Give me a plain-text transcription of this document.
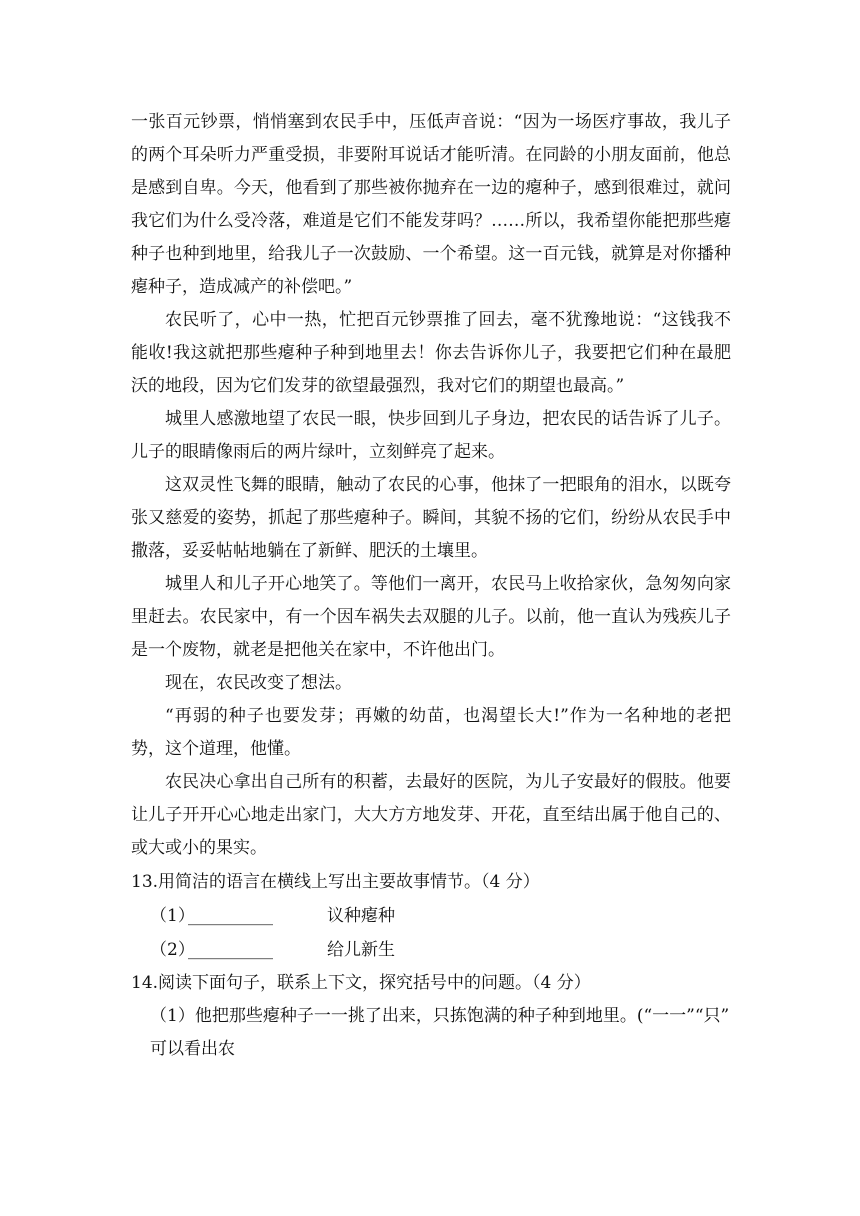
一张百元钞票，悄悄塞到农民手中，压低声音说：“因为一场医疗事故，我儿子的两个耳朵听力严重受损，非要附耳说话才能听清。在同龄的小朋友面前，他总是感到自卑。今天，他看到了那些被你抛弃在一边的瘪种子，感到很难过，就问我它们为什么受冷落，难道是它们不能发芽吗？……所以，我希望你能把那些瘪种子也种到地里，给我儿子一次鼓励、一个希望。这一百元钱，就算是对你播种瘪种子，造成减产的补偿吧。”

农民听了，心中一热，忙把百元钞票推了回去，毫不犹豫地说：“这钱我不能收!我这就把那些瘪种子种到地里去！你去告诉你儿子，我要把它们种在最肥沃的地段，因为它们发芽的欲望最强烈，我对它们的期望也最高。”

城里人感激地望了农民一眼，快步回到儿子身边，把农民的话告诉了儿子。儿子的眼睛像雨后的两片绿叶，立刻鲜亮了起来。

这双灵性飞舞的眼睛，触动了农民的心事，他抹了一把眼角的泪水，以既夸张又慈爱的姿势，抓起了那些瘪种子。瞬间，其貌不扬的它们，纷纷从农民手中撒落，妥妥帖帖地躺在了新鲜、肥沃的土壤里。

城里人和儿子开心地笑了。等他们一离开，农民马上收拾家伙，急匆匆向家里赶去。农民家中，有一个因车祸失去双腿的儿子。以前，他一直认为残疾儿子是一个废物，就老是把他关在家中，不许他出门。

现在，农民改变了想法。

“再弱的种子也要发芽；再嫩的幼苗，也渴望长大!”作为一名种地的老把势，这个道理，他懂。

农民决心拿出自己所有的积蓄，去最好的医院，为儿子安最好的假肢。他要让儿子开开心心地走出家门，大大方方地发芽、开花，直至结出属于他自己的、或大或小的果实。

13.用简洁的语言在横线上写出主要故事情节。（4 分）

（1）
__________	议种瘪种
（2）
__________	给儿新生

14.阅读下面句子，联系上下文，探究括号中的问题。（4 分）

（1）他把那些瘪种子一一挑了出来，只拣饱满的种子种到地里。(“一一”“只”

可以看出农
